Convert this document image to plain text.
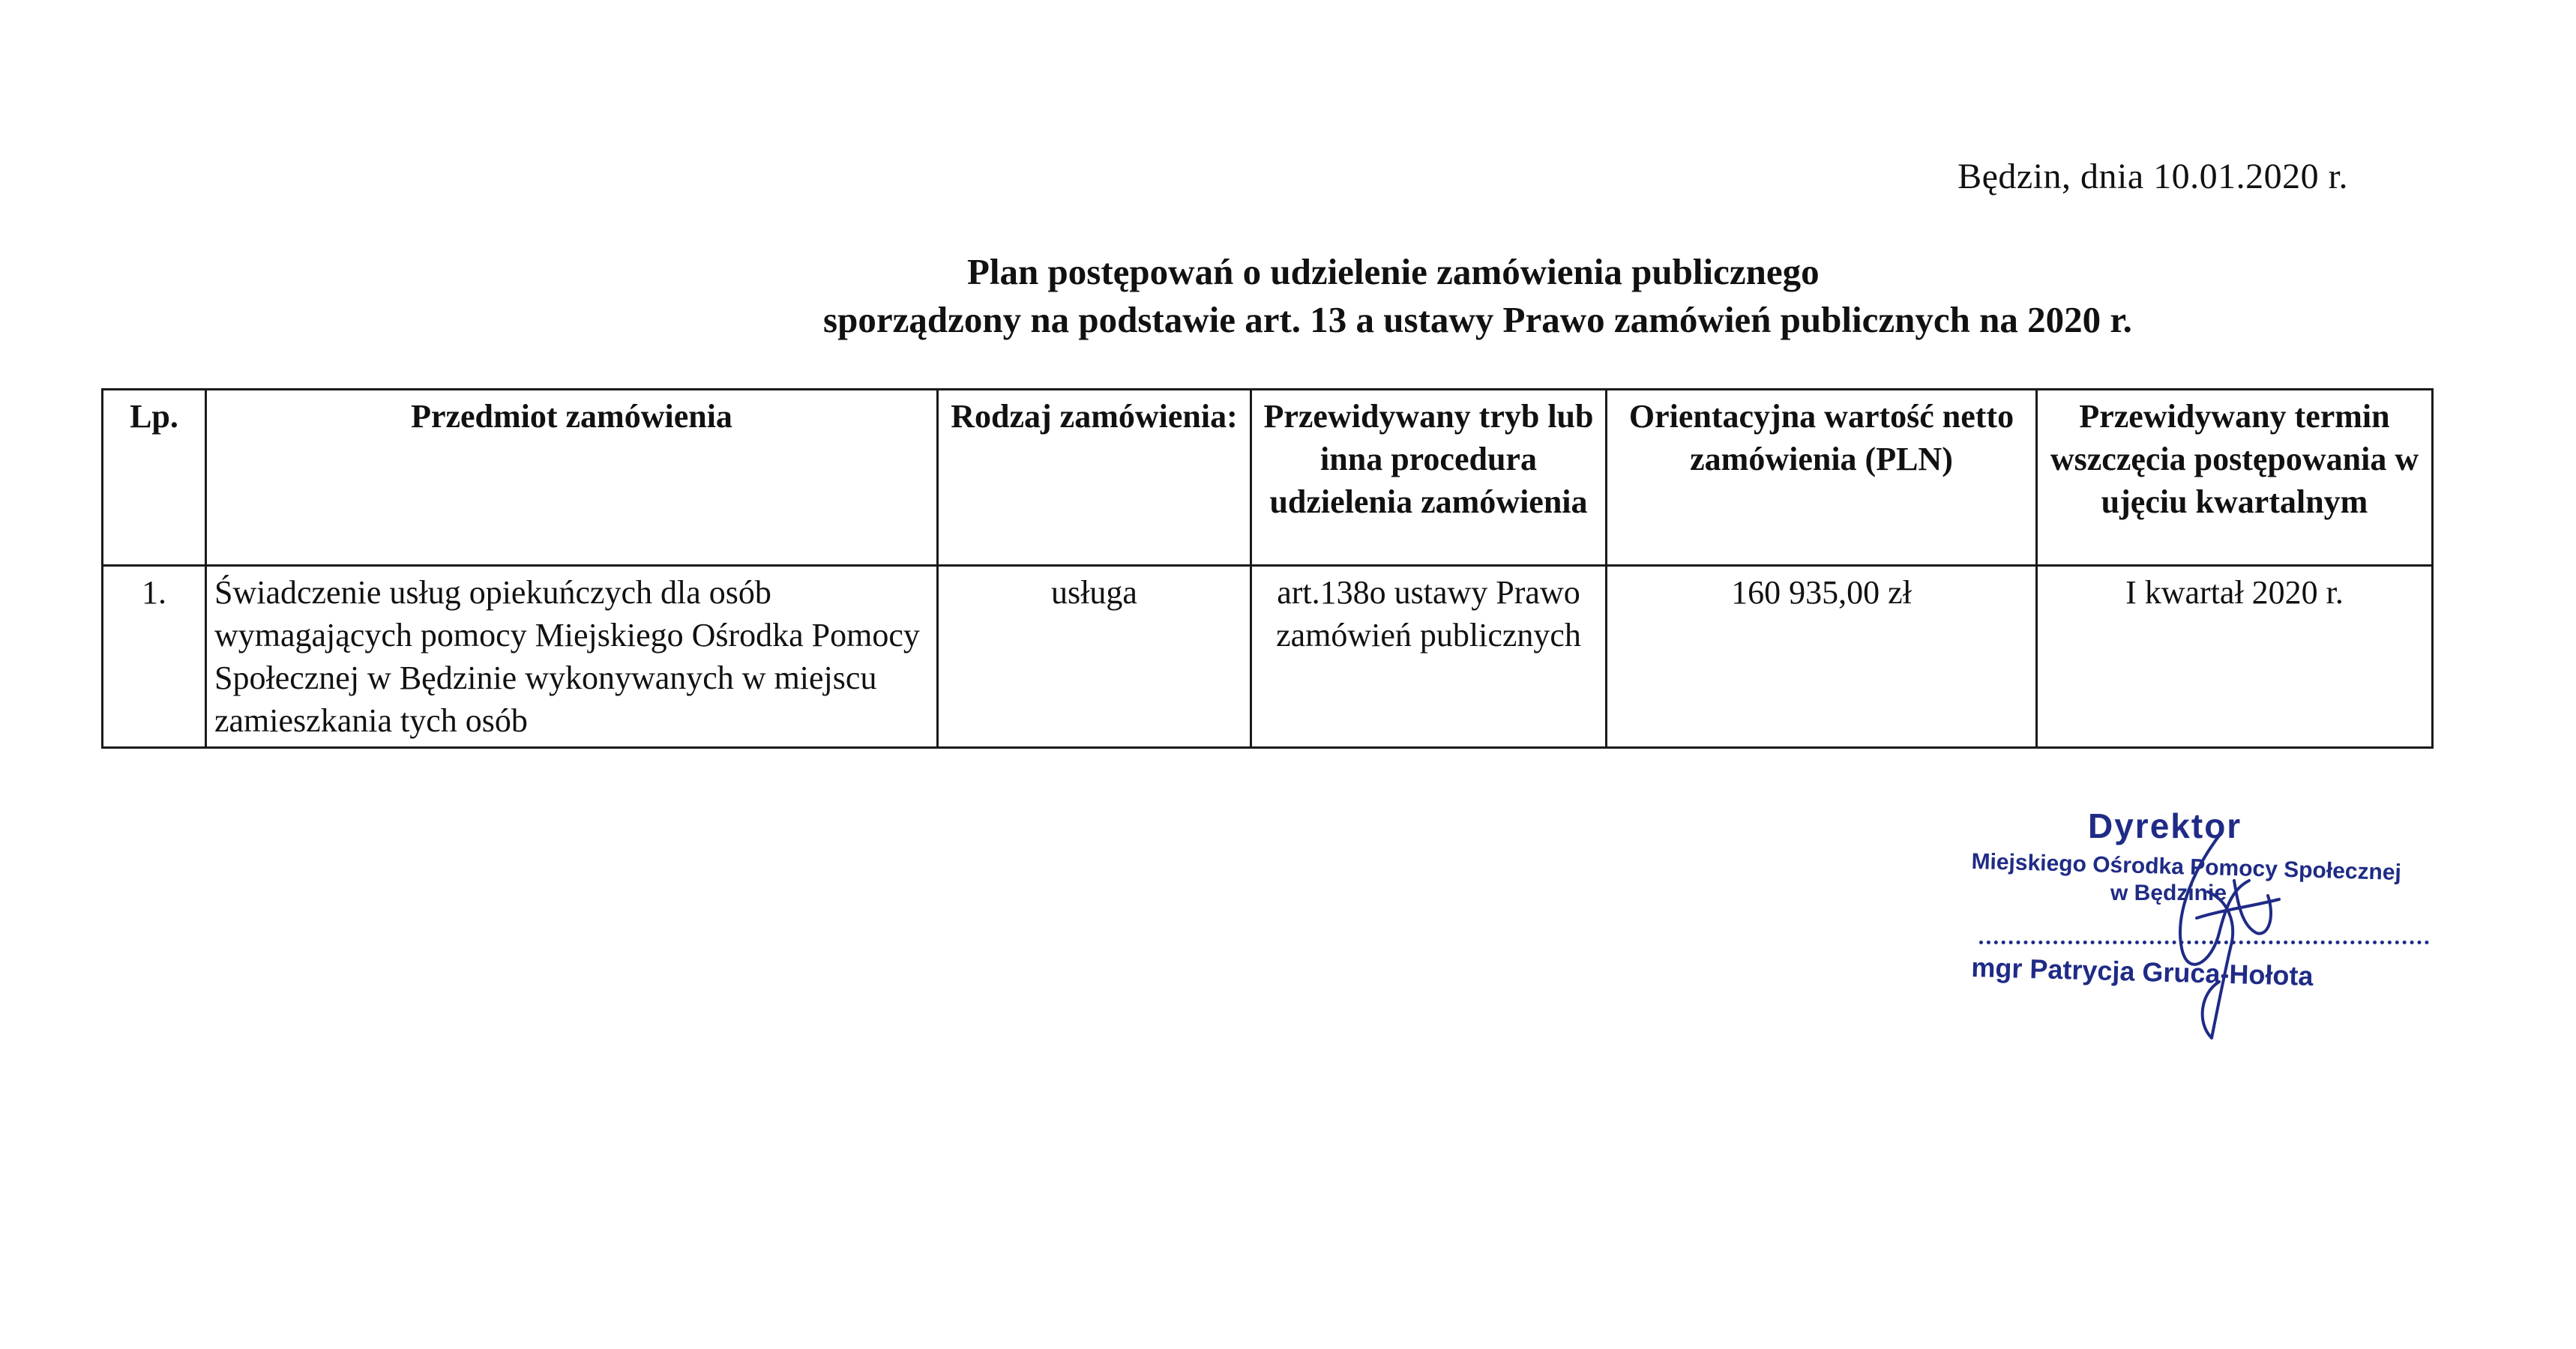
Będzin, dnia 10.01.2020 r.
Plan postępowań o udzielenie zamówienia publicznego
sporządzony na podstawie art. 13 a ustawy Prawo zamówień publicznych na 2020 r.
Lp.	Przedmiot zamówienia	Rodzaj zamówienia:	Przewidywany tryb lub inna procedura udzielenia zamówienia	Orientacyjna wartość netto zamówienia (PLN)	Przewidywany termin wszczęcia postępowania w ujęciu kwartalnym
1.	Świadczenie usług opiekuńczych dla osób wymagających pomocy Miejskiego Ośrodka Pomocy Społecznej w Będzinie wykonywanych w miejscu zamieszkania tych osób	usługa	art.138o ustawy Prawo zamówień publicznych	160 935,00 zł	I kwartał 2020 r.
Dyrektor
Miejskiego Ośrodka Pomocy Społecznej
w Będzinie
mgr Patrycja Gruca-Hołota
